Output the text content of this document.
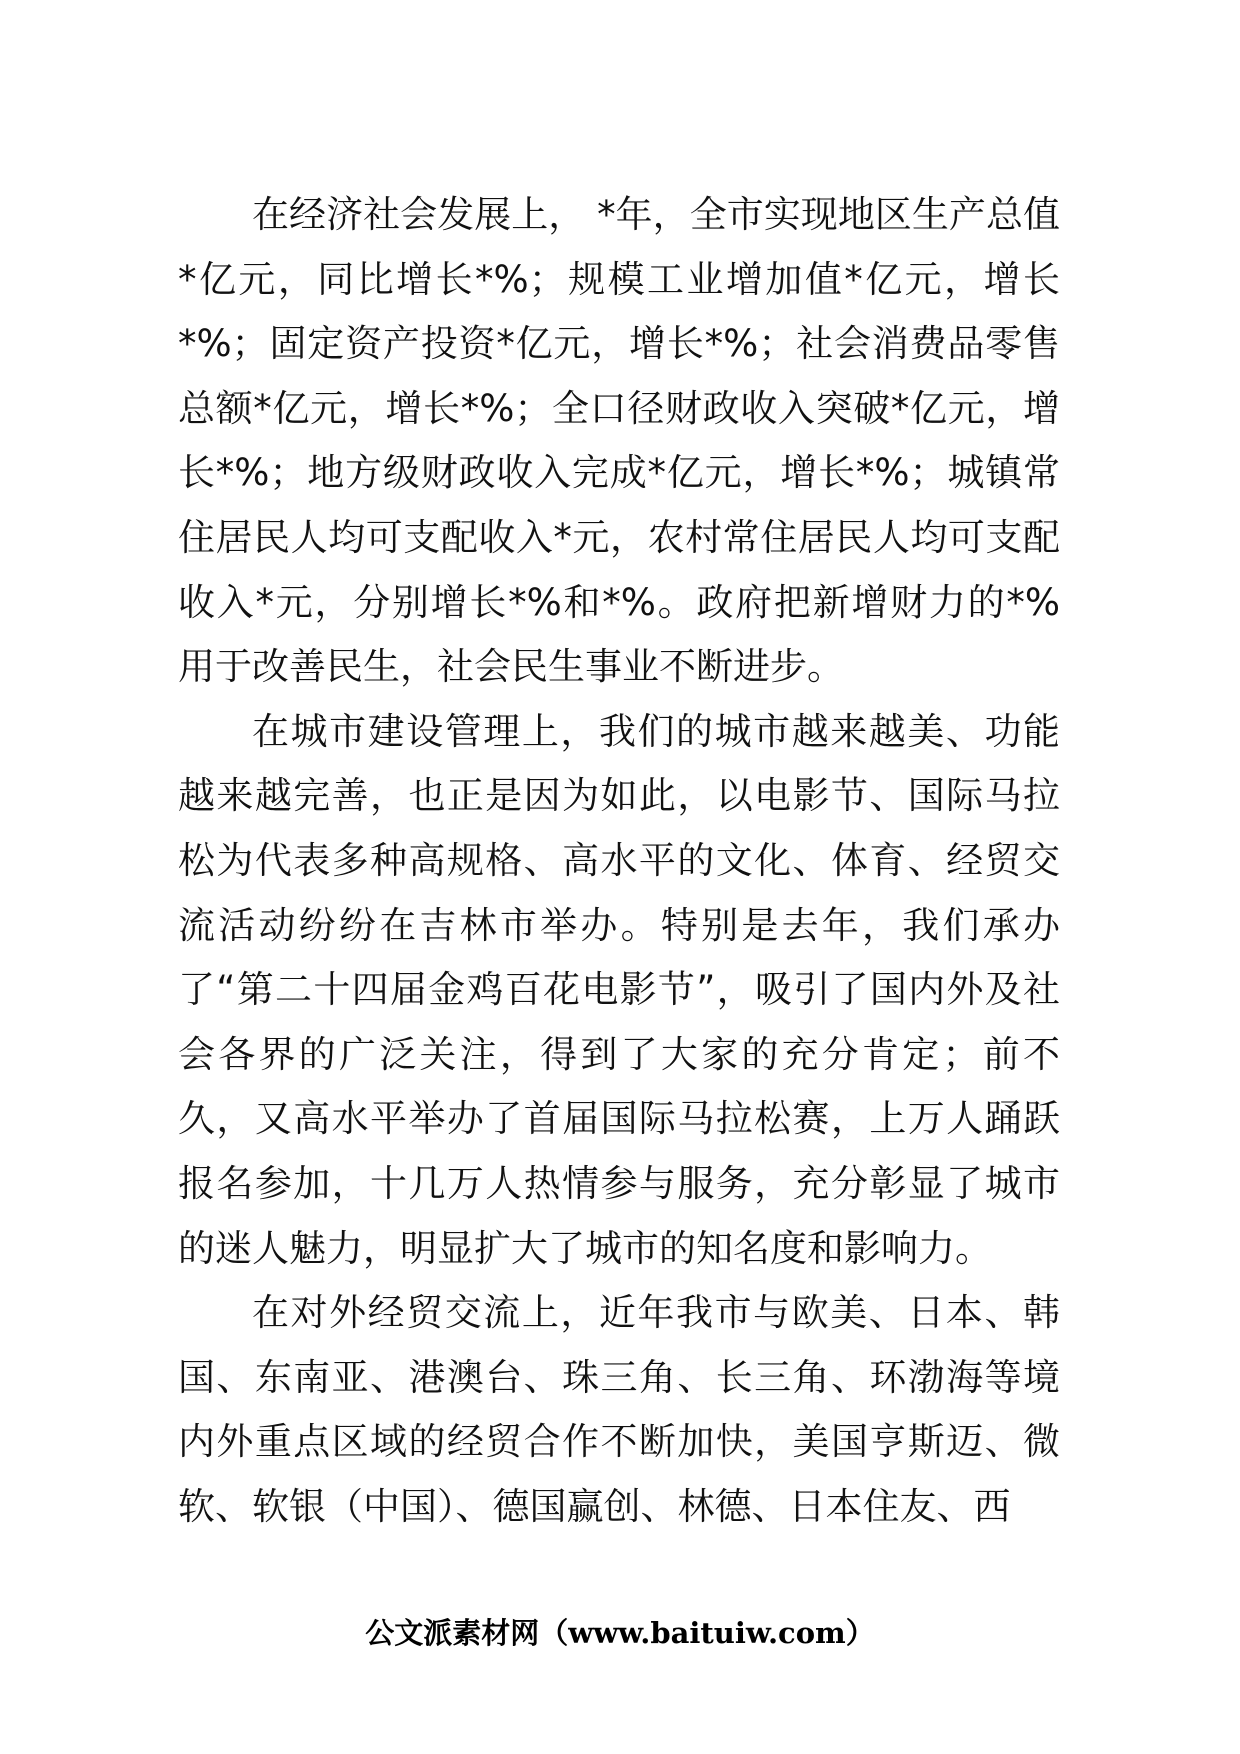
在经济社会发展上， *年，全市实现地区生产总值*亿元，同比增长*%；规模工业增加值*亿元，增长*%；固定资产投资*亿元，增长*%；社会消费品零售总额*亿元，增长*%；全口径财政收入突破*亿元，增长*%；地方级财政收入完成*亿元，增长*%；城镇常住居民人均可支配收入*元，农村常住居民人均可支配收入*元，分别增长*%和*%。政府把新增财力的*%用于改善民生，社会民生事业不断进步。

在城市建设管理上，我们的城市越来越美、功能越来越完善，也正是因为如此，以电影节、国际马拉松为代表多种高规格、高水平的文化、体育、经贸交流活动纷纷在吉林市举办。特别是去年，我们承办了“第二十四届金鸡百花电影节”，吸引了国内外及社会各界的广泛关注，得到了大家的充分肯定；前不久，又高水平举办了首届国际马拉松赛，上万人踊跃报名参加，十几万人热情参与服务，充分彰显了城市的迷人魅力，明显扩大了城市的知名度和影响力。

在对外经贸交流上，近年我市与欧美、日本、韩国、东南亚、港澳台、珠三角、长三角、环渤海等境内外重点区域的经贸合作不断加快，美国亨斯迈、微软、软银（中国）、德国赢创、林德、日本住友、西

公文派素材网（www.baituiw.com）
